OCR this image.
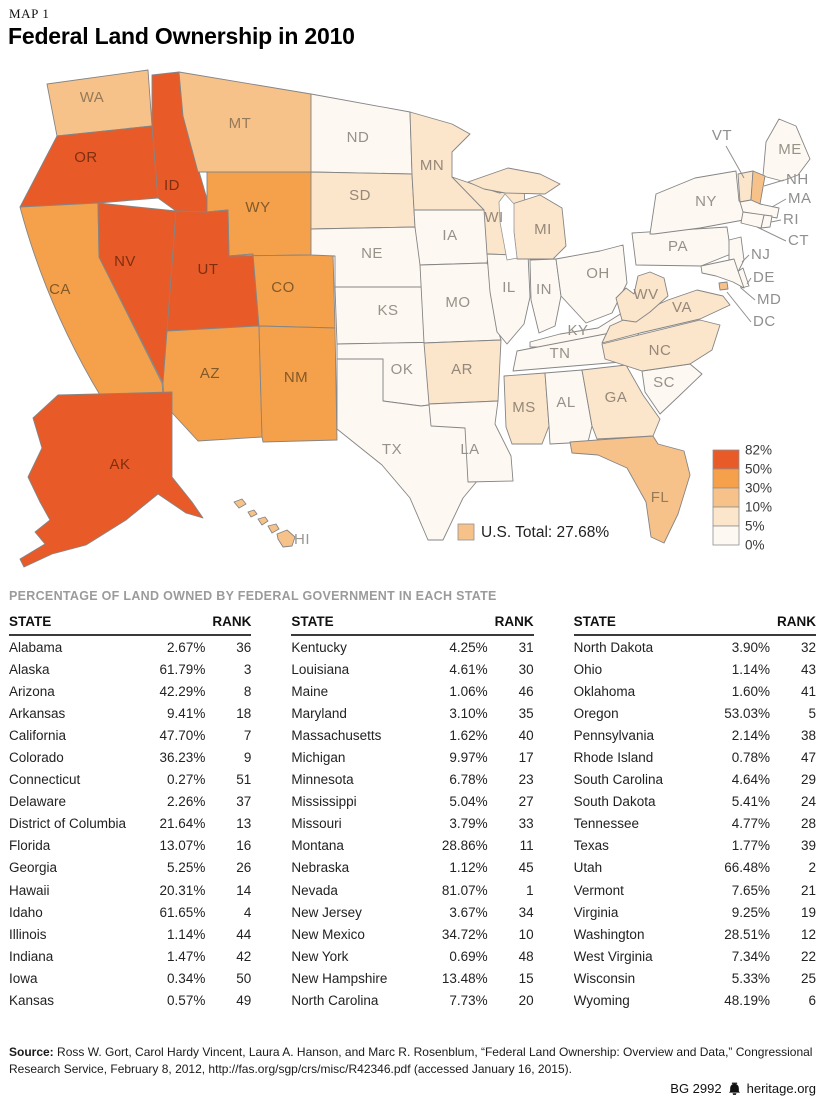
MAP 1
Federal Land Ownership in 2010
WA
OR
CA
NV
ID
MT
WY
UT
CO
AZ	NM
ND
SD
NE
KS
OK
TX
MN
IA
MO
AR
LA
WI
IL IN
MI
OH
KY
TN
MS AL GA
FL
SC
NC
VA
WV
PA
NY
ME
VT
NH
MA
RI
CT
NJ
DE
MD
DC
AK
HI
82%
50%
30%
10%
5%
0%
U.S. Total: 27.68%
PERCENTAGE OF LAND OWNED BY FEDERAL GOVERNMENT IN EACH STATE
STATE	RANK
Alabama	2.67%	36
Alaska	61.79%	3
Arizona	42.29%	8
Arkansas	9.41%	18
California	47.70%	7
Colorado	36.23%	9
Connecticut	0.27%	51
Delaware	2.26%	37
District of Columbia	21.64%	13
Florida	13.07%	16
Georgia	5.25%	26
Hawaii	20.31%	14
Idaho	61.65%	4
Illinois	1.14%	44
Indiana	1.47%	42
Iowa	0.34%	50
Kansas	0.57%	49
STATE	RANK
Kentucky	4.25%	31
Louisiana	4.61%	30
Maine	1.06%	46
Maryland	3.10%	35
Massachusetts	1.62%	40
Michigan	9.97%	17
Minnesota	6.78%	23
Mississippi	5.04%	27
Missouri	3.79%	33
Montana	28.86%	11
Nebraska	1.12%	45
Nevada	81.07%	1
New Jersey	3.67%	34
New Mexico	34.72%	10
New York	0.69%	48
New Hampshire	13.48%	15
North Carolina	7.73%	20
STATE	RANK
North Dakota	3.90%	32
Ohio	1.14%	43
Oklahoma	1.60%	41
Oregon	53.03%	5
Pennsylvania	2.14%	38
Rhode Island	0.78%	47
South Carolina	4.64%	29
South Dakota	5.41%	24
Tennessee	4.77%	28
Texas	1.77%	39
Utah	66.48%	2
Vermont	7.65%	21
Virginia	9.25%	19
Washington	28.51%	12
West Virginia	7.34%	22
Wisconsin	5.33%	25
Wyoming	48.19%	6
Source: Ross W. Gort, Carol Hardy Vincent, Laura A. Hanson, and Marc R. Rosenblum, “Federal Land Ownership: Overview and Data,” Congressional Research Service, February 8, 2012, http://fas.org/sgp/crs/misc/R42346.pdf (accessed January 16, 2015).
BG 2992 heritage.org
